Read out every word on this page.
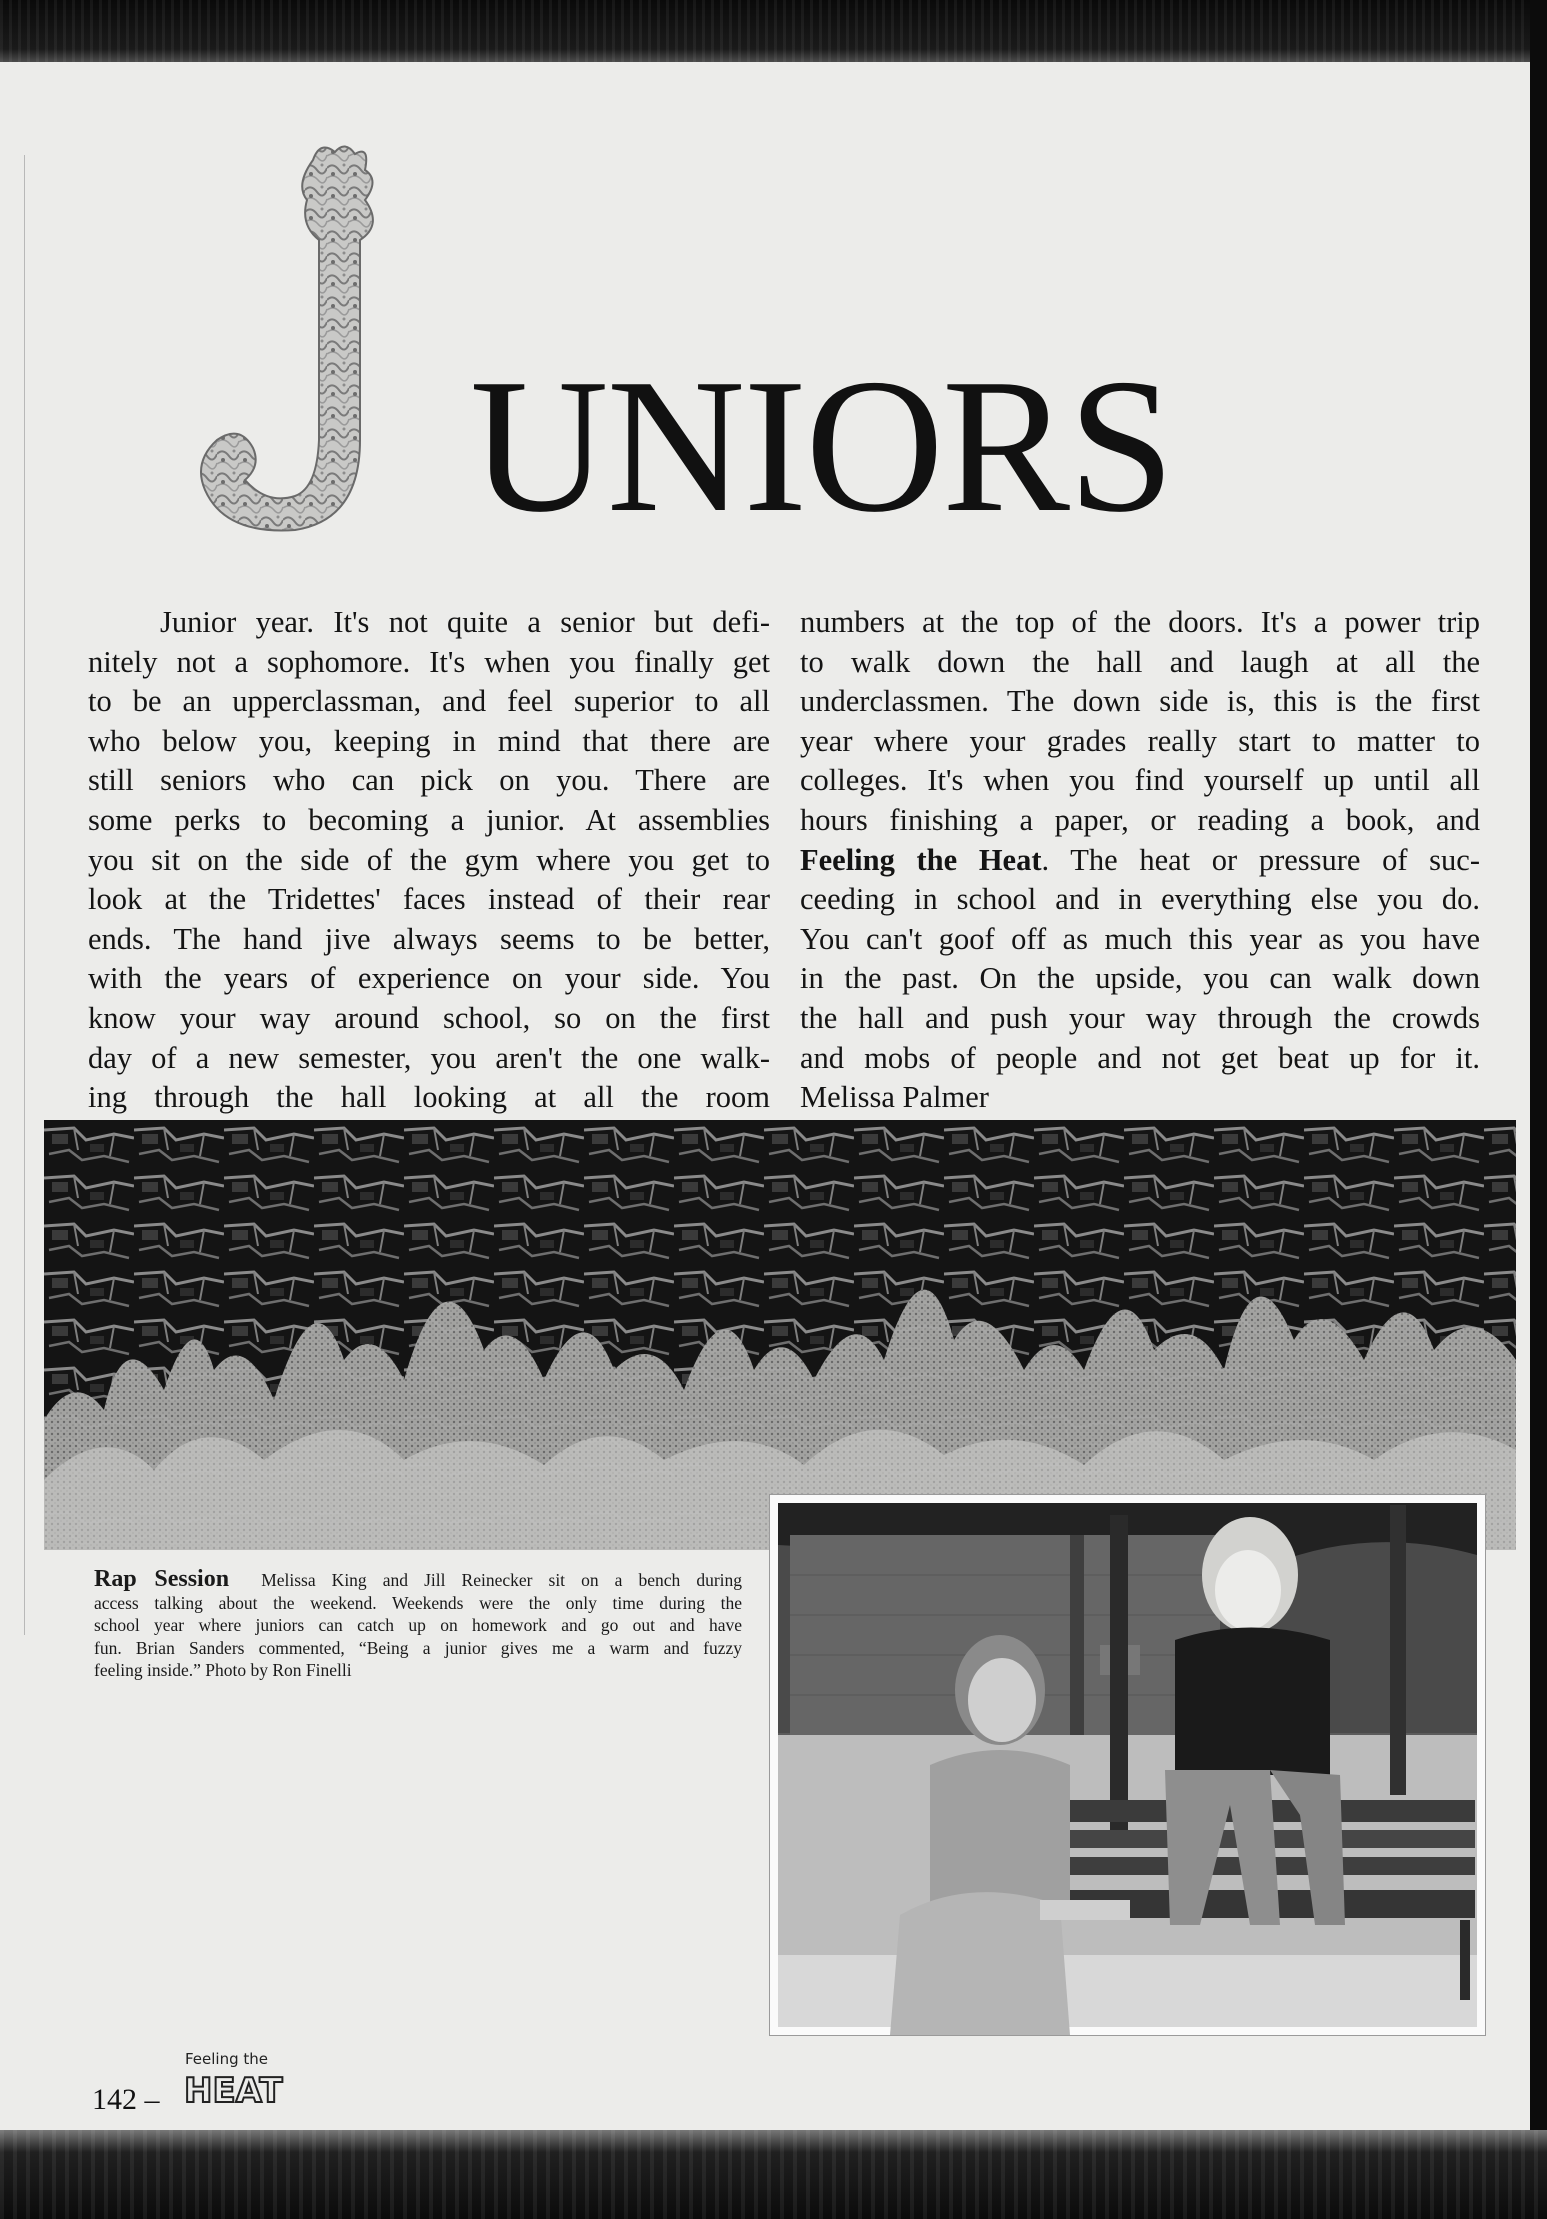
UNIORS
Junior year. It's not quite a senior but defi-
nitely not a sophomore. It's when you finally get
to be an upperclassman, and feel superior to all
who below you, keeping in mind that there are
still seniors who can pick on you. There are
some perks to becoming a junior. At assemblies
you sit on the side of the gym where you get to
look at the Tridettes' faces instead of their rear
ends. The hand jive always seems to be better,
with the years of experience on your side. You
know your way around school, so on the first
day of a new semester, you aren't the one walk-
ing through the hall looking at all the room
numbers at the top of the doors. It's a power trip
to walk down the hall and laugh at all the
underclassmen. The down side is, this is the first
year where your grades really start to matter to
colleges. It's when you find yourself up until all
hours finishing a paper, or reading a book, and
Feeling the Heat. The heat or pressure of suc-
ceeding in school and in everything else you do.
You can't goof off as much this year as you have
in the past. On the upside, you can walk down
the hall and push your way through the crowds
and mobs of people and not get beat up for it.
Melissa Palmer
Rap Session Melissa King and Jill Reinecker sit on a bench during
access talking about the weekend. Weekends were the only time during the
school year where juniors can catch up on homework and go out and have
fun. Brian Sanders commented, “Being a junior gives me a warm and fuzzy
feeling inside.” Photo by Ron Finelli
142 –
Feeling the
HEAT
